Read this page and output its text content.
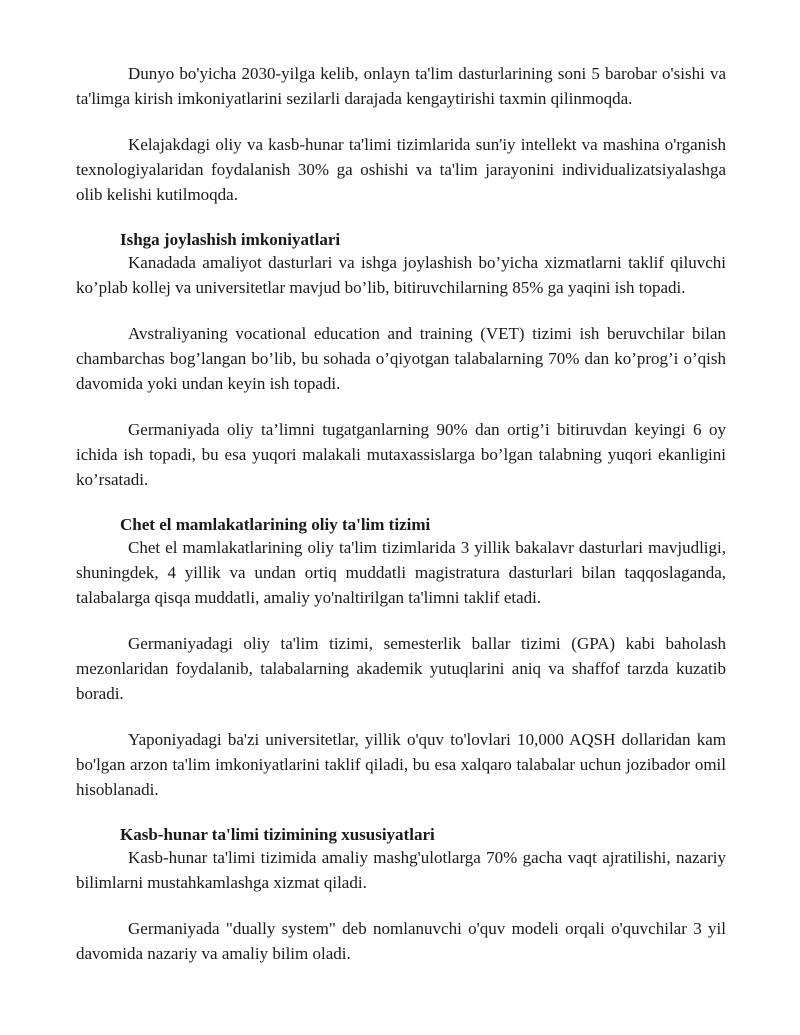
Dunyo bo'yicha 2030-yilga kelib, onlayn ta'lim dasturlarining soni 5 barobar o'sishi va ta'limga kirish imkoniyatlarini sezilarli darajada kengaytirishi taxmin qilinmoqda.

Kelajakdagi oliy va kasb-hunar ta'limi tizimlarida sun'iy intellekt va mashina o'rganish texnologiyalaridan foydalanish 30% ga oshishi va ta'lim jarayonini individualizatsiyalashga olib kelishi kutilmoqda.

Ishga joylashish imkoniyatlari

Kanadada amaliyot dasturlari va ishga joylashish bo’yicha xizmatlarni taklif qiluvchi ko’plab kollej va universitetlar mavjud bo’lib, bitiruvchilarning 85% ga yaqini ish topadi.

Avstraliyaning vocational education and training (VET) tizimi ish beruvchilar bilan chambarchas bog’langan bo’lib, bu sohada o’qiyotgan talabalarning 70% dan ko’prog’i o’qish davomida yoki undan keyin ish topadi.

Germaniyada oliy ta’limni tugatganlarning 90% dan ortig’i bitiruvdan keyingi 6 oy ichida ish topadi, bu esa yuqori malakali mutaxassislarga bo’lgan talabning yuqori ekanligini ko’rsatadi.

Chet el mamlakatlarining oliy ta'lim tizimi

Chet el mamlakatlarining oliy ta'lim tizimlarida 3 yillik bakalavr dasturlari mavjudligi, shuningdek, 4 yillik va undan ortiq muddatli magistratura dasturlari bilan taqqoslaganda, talabalarga qisqa muddatli, amaliy yo'naltirilgan ta'limni taklif etadi.

Germaniyadagi oliy ta'lim tizimi, semesterlik ballar tizimi (GPA) kabi baholash mezonlaridan foydalanib, talabalarning akademik yutuqlarini aniq va shaffof tarzda kuzatib boradi.

Yaponiyadagi ba'zi universitetlar, yillik o'quv to'lovlari 10,000 AQSH dollaridan kam bo'lgan arzon ta'lim imkoniyatlarini taklif qiladi, bu esa xalqaro talabalar uchun jozibador omil hisoblanadi.

Kasb-hunar ta'limi tizimining xususiyatlari

Kasb-hunar ta'limi tizimida amaliy mashg'ulotlarga 70% gacha vaqt ajratilishi, nazariy bilimlarni mustahkamlashga xizmat qiladi.

Germaniyada "dually system" deb nomlanuvchi o'quv modeli orqali o'quvchilar 3 yil davomida nazariy va amaliy bilim oladi.
